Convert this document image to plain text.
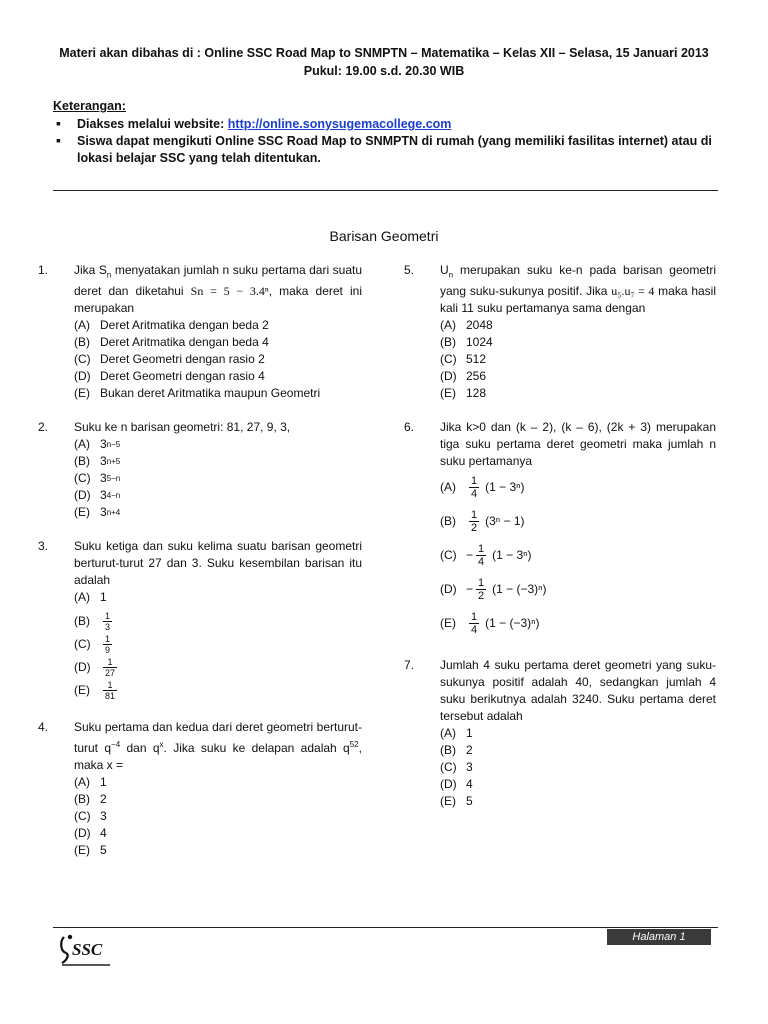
Materi akan dibahas di : Online SSC Road Map to SNMPTN – Matematika – Kelas XII – Selasa, 15 Januari 2013
Pukul: 19.00 s.d. 20.30 WIB
Keterangan:
▪ Diakses melalui website: http://online.sonysugemacollege.com
▪ Siswa dapat mengikuti Online SSC Road Map to SNMPTN di rumah (yang memiliki fasilitas internet) atau di lokasi belajar SSC yang telah ditentukan.
Barisan Geometri
1. Jika $S_n$ menyatakan jumlah n suku pertama dari suatu deret dan diketahui Sn = 5 − 3.4ⁿ, maka deret ini merupakan
(A) Deret Aritmatika dengan beda 2
(B) Deret Aritmatika dengan beda 4
(C) Deret Geometri dengan rasio 2
(D) Deret Geometri dengan rasio 4
(E) Bukan deret Aritmatika maupun Geometri
2. Suku ke n barisan geometri: 81, 27, 9, 3,
(A) 3 n−5
(B) 3 n+5
(C) 3 5−n
(D) 3 4−n
(E) 3 n+4
3. Suku ketiga dan suku kelima suatu barisan geometri berturut-turut 27 dan 3. Suku kesembilan barisan itu adalah
(A) 1
(B)	$\frac{1}{3}$
(C)	$\frac{1}{9}$
(D)	$\frac{1}{27}$
(E)	$\frac{1}{81}$
4. Suku pertama dan kedua dari deret geometri berturut-turut $q^{-4}$ dan $q^x$. Jika suku ke delapan adalah $q^{52}$, maka x =
(A) 1
(B) 2
(C) 3
(D) 4
(E) 5
5. $U_n$ merupakan suku ke-n pada barisan geometri yang suku-sukunya positif. Jika u₅.u₇ = 4 maka hasil kali 11 suku pertamanya sama dengan
(A) 2048
(B) 1024
(C) 512
(D) 256
(E) 128
6. Jika k>0 dan (k – 2), (k – 6), (2k + 3) merupakan tiga suku pertama deret geometri maka jumlah n suku pertamanya
(A)	$\frac{1}{4} (1 - 3^n)$
(B)	$\frac{1}{2} (3^n - 1)$
$(C) - \frac{1}{4} (1 - 3^n)$
$(D) - \frac{1}{2} (1 - (-3)^n)$
(E)	$\frac{1}{4} (1 - (-3)^n)$
7. Jumlah 4 suku pertama deret geometri yang suku-sukunya positif adalah 40, sedangkan jumlah 4 suku berikutnya adalah 3240. Suku pertama deret tersebut adalah
(A) 1
(B) 2
(C) 3
(D) 4
(E) 5
SSC
Halaman 1
